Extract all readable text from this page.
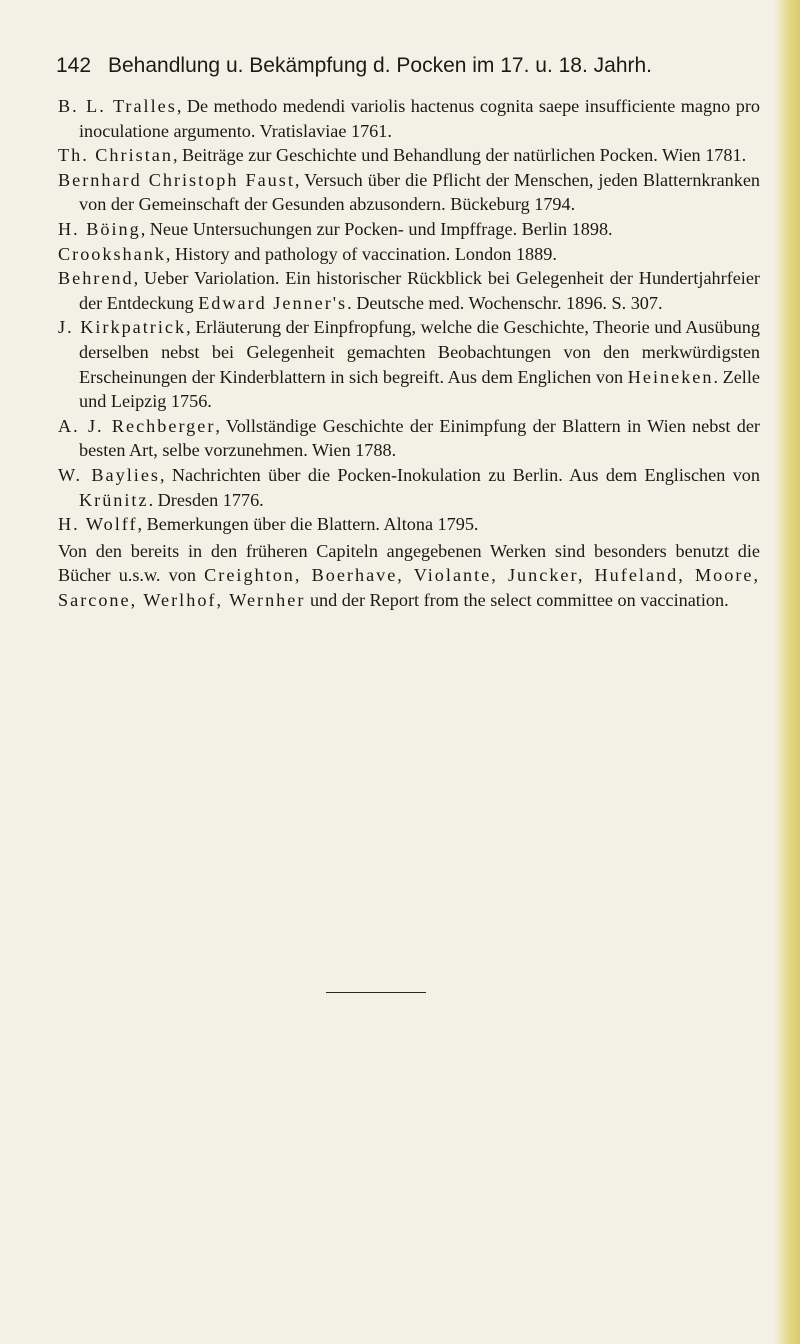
142 Behandlung u. Bekämpfung d. Pocken im 17. u. 18. Jahrh.
B. L. Tralles, De methodo medendi variolis hactenus cognita saepe insufficiente magno pro inoculatione argumento. Vratislaviae 1761.
Th. Christan, Beiträge zur Geschichte und Behandlung der natürlichen Pocken. Wien 1781.
Bernhard Christoph Faust, Versuch über die Pflicht der Menschen, jeden Blatternkranken von der Gemeinschaft der Gesunden abzusondern. Bückeburg 1794.
H. Böing, Neue Untersuchungen zur Pocken- und Impffrage. Berlin 1898.
Crookshank, History and pathology of vaccination. London 1889.
Behrend, Ueber Variolation. Ein historischer Rückblick bei Gelegenheit der Hundertjahrfeier der Entdeckung Edward Jenner's. Deutsche med. Wochenschr. 1896. S. 307.
J. Kirkpatrick, Erläuterung der Einpfropfung, welche die Geschichte, Theorie und Ausübung derselben nebst bei Gelegenheit gemachten Beobachtungen von den merkwürdigsten Erscheinungen der Kinderblattern in sich begreift. Aus dem Englichen von Heineken. Zelle und Leipzig 1756.
A. J. Rechberger, Vollständige Geschichte der Einimpfung der Blattern in Wien nebst der besten Art, selbe vorzunehmen. Wien 1788.
W. Baylies, Nachrichten über die Pocken-Inokulation zu Berlin. Aus dem Englischen von Krünitz. Dresden 1776.
H. Wolff, Bemerkungen über die Blattern. Altona 1795.
Von den bereits in den früheren Capiteln angegebenen Werken sind besonders benutzt die Bücher u.s.w. von Creighton, Boerhave, Violante, Juncker, Hufeland, Moore, Sarcone, Werlhof, Wernher und der Report from the select committee on vaccination.
